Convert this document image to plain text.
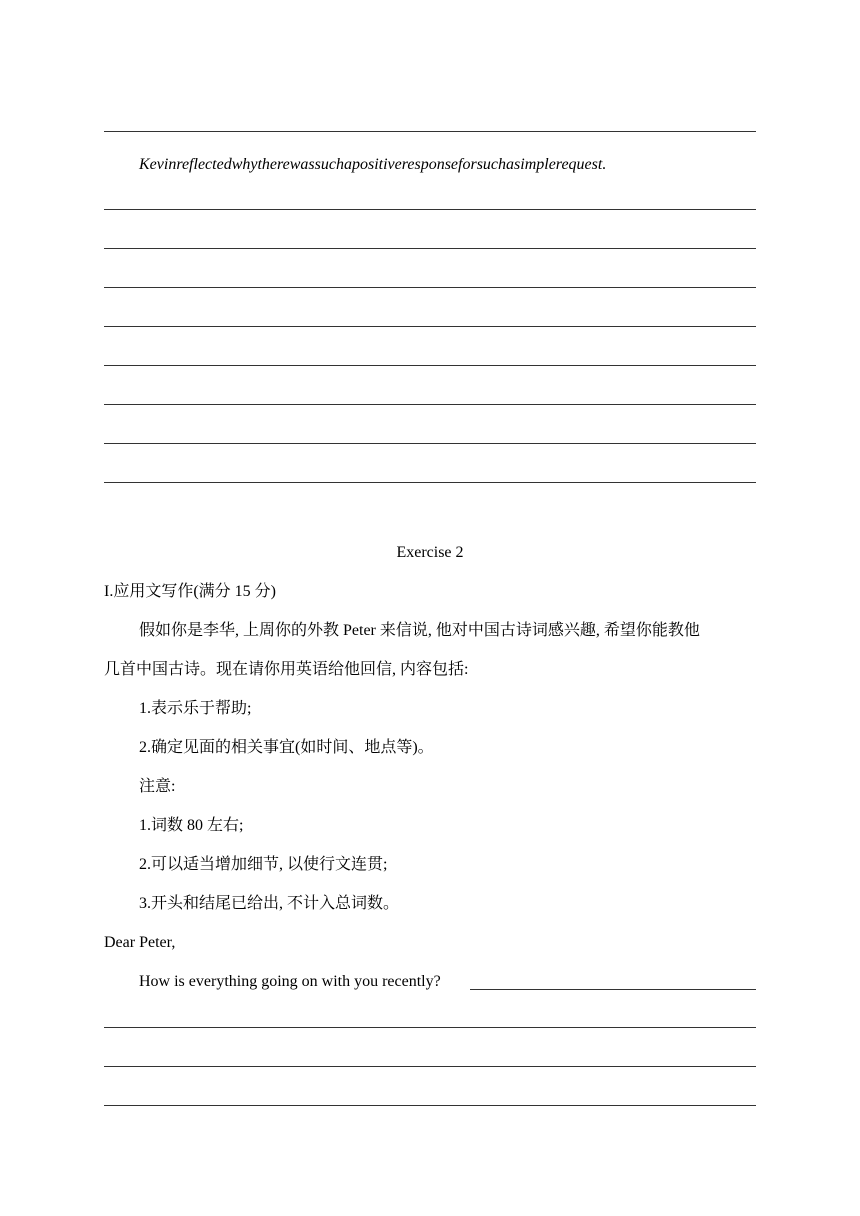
Kevinreflectedwhytherewassuchapositiveresponseforsuchasimplerequest.
Exercise 2
I.应用文写作(满分 15 分)
假如你是李华, 上周你的外教 Peter 来信说, 他对中国古诗词感兴趣, 希望你能教他
几首中国古诗。现在请你用英语给他回信, 内容包括:
1.表示乐于帮助;
2.确定见面的相关事宜(如时间、地点等)。
注意:
1.词数 80 左右;
2.可以适当增加细节, 以使行文连贯;
3.开头和结尾已给出, 不计入总词数。
Dear Peter,
How is everything going on with you recently?
